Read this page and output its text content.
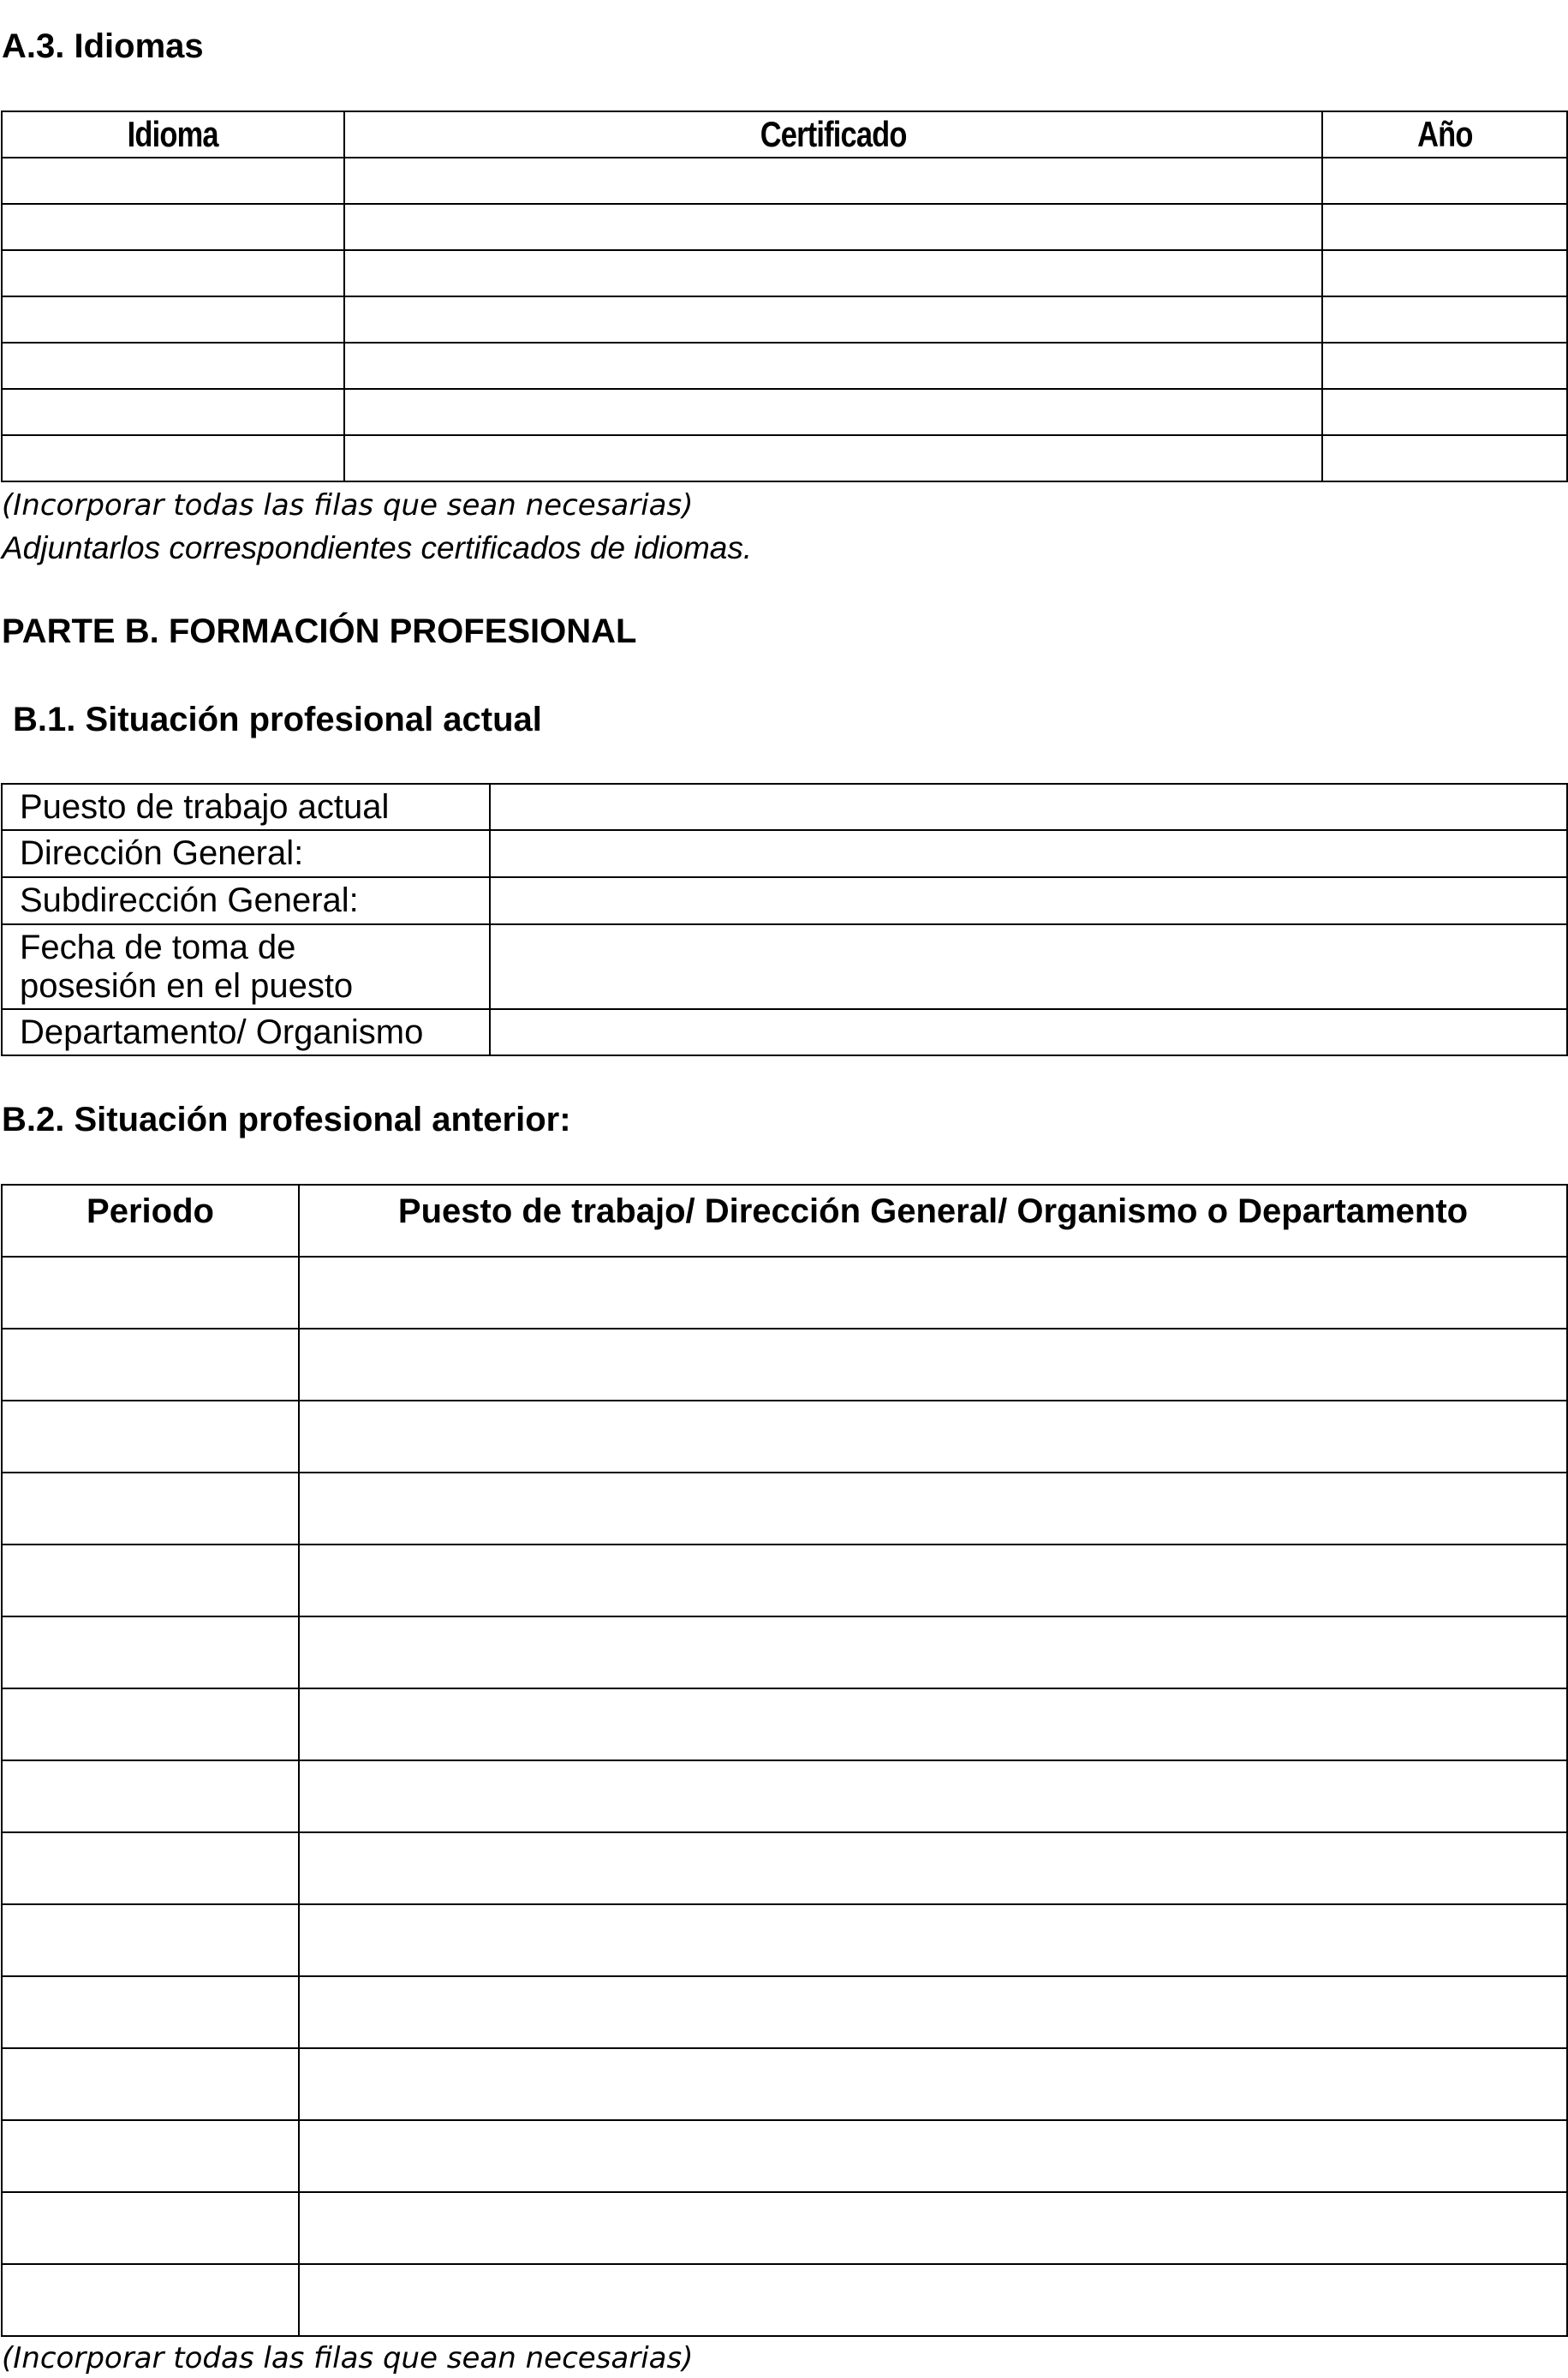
A.3. Idiomas
Idioma	Certificado	Año

(Incorporar todas las filas que sean necesarias)
Adjuntarlos correspondientes certificados de idiomas.
PARTE B. FORMACIÓN PROFESIONAL
B.1. Situación profesional actual
Puesto de trabajo actual	
Dirección General:	
Subdirección General:	

Fecha de toma de
posesión en el puesto	

Departamento/ Organismo	
B.2. Situación profesional anterior:
Periodo	Puesto de trabajo/ Dirección General/ Organismo o Departamento

(Incorporar todas las filas que sean necesarias)
